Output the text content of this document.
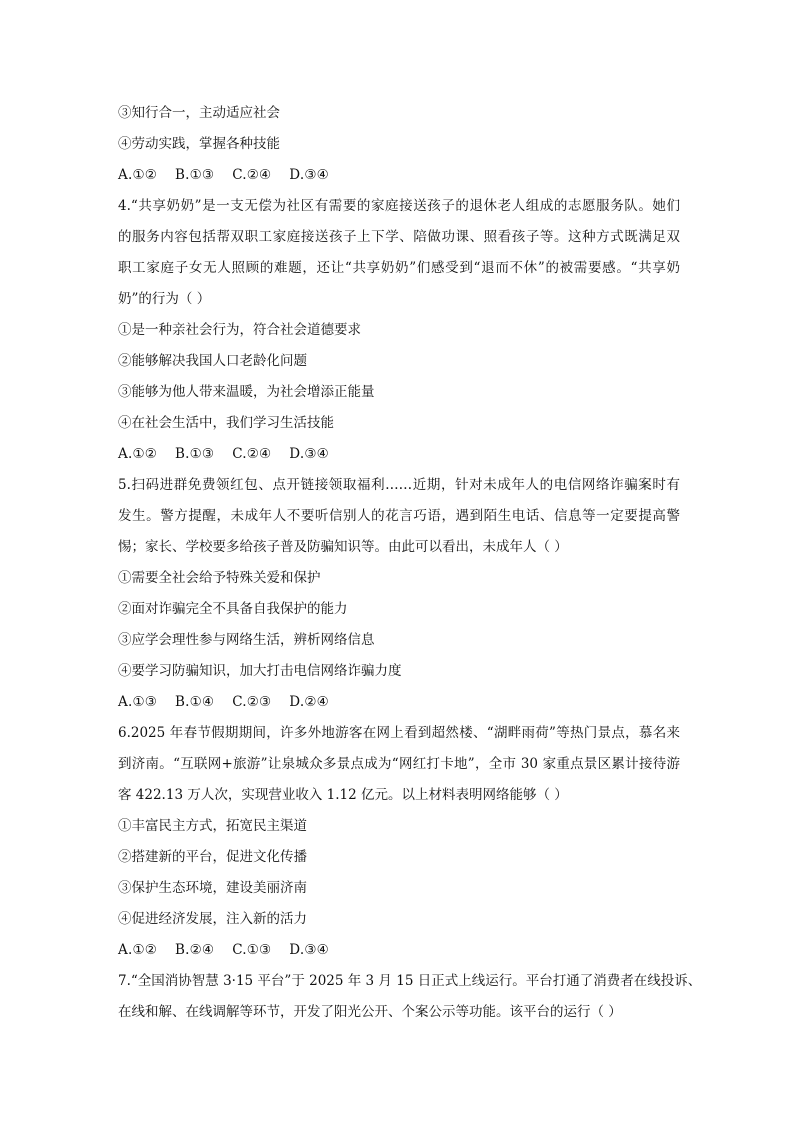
③知行合一，主动适应社会
④劳动实践，掌握各种技能
A.①②    B.①③    C.②④    D.③④
4.“共享奶奶”是一支无偿为社区有需要的家庭接送孩子的退休老人组成的志愿服务队。她们
的服务内容包括帮双职工家庭接送孩子上下学、陪做功课、照看孩子等。这种方式既满足双
职工家庭子女无人照顾的难题，还让“共享奶奶”们感受到“退而不休”的被需要感。“共享奶
奶”的行为（ ）
①是一种亲社会行为，符合社会道德要求
②能够解决我国人口老龄化问题
③能够为他人带来温暖，为社会增添正能量
④在社会生活中，我们学习生活技能
A.①②    B.①③    C.②④    D.③④
5.扫码进群免费领红包、点开链接领取福利……近期，针对未成年人的电信网络诈骗案时有
发生。警方提醒，未成年人不要听信别人的花言巧语，遇到陌生电话、信息等一定要提高警
惕；家长、学校要多给孩子普及防骗知识等。由此可以看出，未成年人（ ）
①需要全社会给予特殊关爱和保护
②面对诈骗完全不具备自我保护的能力
③应学会理性参与网络生活，辨析网络信息
④要学习防骗知识，加大打击电信网络诈骗力度
A.①③    B.①④    C.②③    D.②④
6.2025 年春节假期期间，许多外地游客在网上看到超然楼、“湖畔雨荷”等热门景点，慕名来
到济南。“互联网+旅游”让泉城众多景点成为“网红打卡地”，全市 30 家重点景区累计接待游
客 422.13 万人次，实现营业收入 1.12 亿元。以上材料表明网络能够（ ）
①丰富民主方式，拓宽民主渠道
②搭建新的平台，促进文化传播
③保护生态环境，建设美丽济南
④促进经济发展，注入新的活力
A.①②    B.②④    C.①③    D.③④
7.“全国消协智慧 3·15 平台”于 2025 年 3 月 15 日正式上线运行。平台打通了消费者在线投诉、
在线和解、在线调解等环节，开发了阳光公开、个案公示等功能。该平台的运行（ ）
